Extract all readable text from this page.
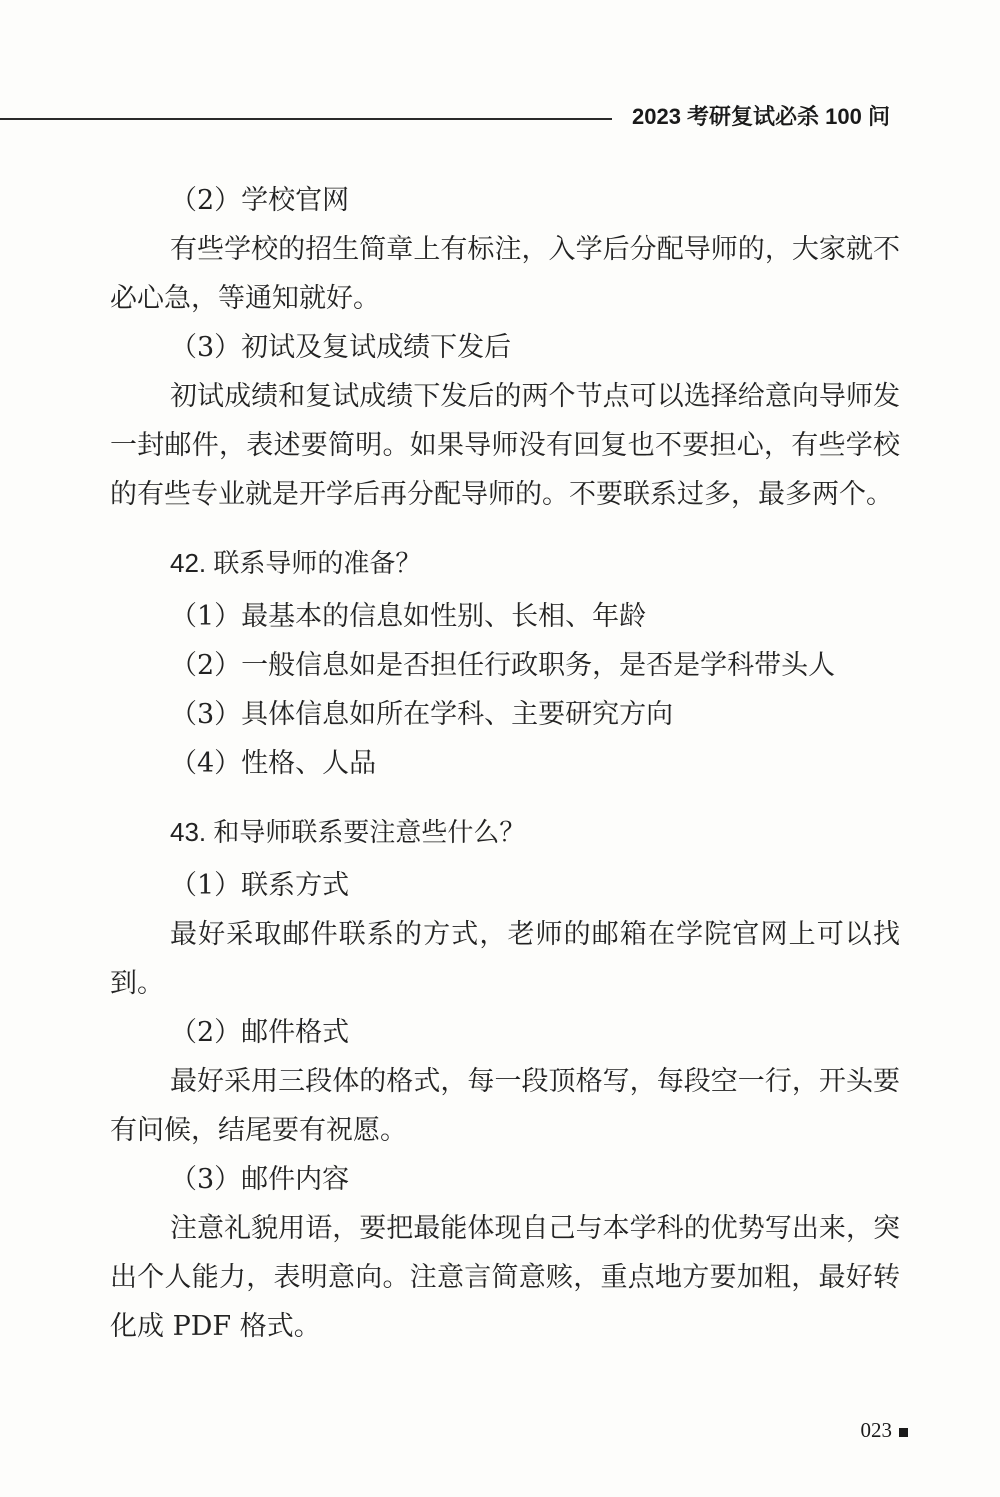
2023 考研复试必杀 100 问

（2）学校官网

有些学校的招生简章上有标注，入学后分配导师的，大家就不必心急，等通知就好。

（3）初试及复试成绩下发后

初试成绩和复试成绩下发后的两个节点可以选择给意向导师发一封邮件，表述要简明。如果导师没有回复也不要担心，有些学校的有些专业就是开学后再分配导师的。不要联系过多，最多两个。

42. 联系导师的准备？

（1）最基本的信息如性别、长相、年龄

（2）一般信息如是否担任行政职务，是否是学科带头人

（3）具体信息如所在学科、主要研究方向

（4）性格、人品

43. 和导师联系要注意些什么？

（1）联系方式

最好采取邮件联系的方式，老师的邮箱在学院官网上可以找到。

（2）邮件格式

最好采用三段体的格式，每一段顶格写，每段空一行，开头要有问候，结尾要有祝愿。

（3）邮件内容

注意礼貌用语，要把最能体现自己与本学科的优势写出来，突出个人能力，表明意向。注意言简意赅，重点地方要加粗，最好转化成 PDF 格式。

023
